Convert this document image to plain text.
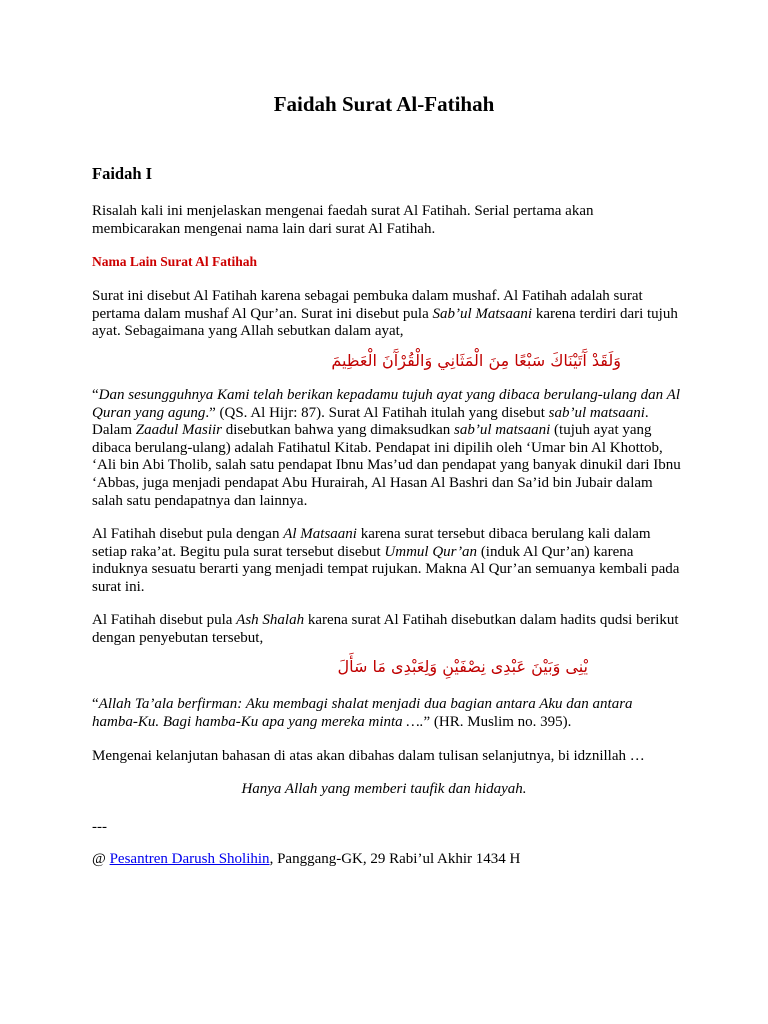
Faidah Surat Al-Fatihah
Faidah I

Risalah kali ini menjelaskan mengenai faedah surat Al Fatihah. Serial pertama akan membicarakan mengenai nama lain dari surat Al Fatihah.

Nama Lain Surat Al Fatihah

Surat ini disebut Al Fatihah karena sebagai pembuka dalam mushaf. Al Fatihah adalah surat pertama dalam mushaf Al Qur’an. Surat ini disebut pula Sab’ul Matsaani karena terdiri dari tujuh ayat. Sebagaimana yang Allah sebutkan dalam ayat,

وَلَقَدْ آَتَيْنَاكَ سَبْعًا مِنَ الْمَثَانِي وَالْقُرْآَنَ الْعَظِيمَ

“Dan sesungguhnya Kami telah berikan kepadamu tujuh ayat yang dibaca berulang-ulang dan Al Quran yang agung.” (QS. Al Hijr: 87). Surat Al Fatihah itulah yang disebut sab’ul matsaani. Dalam Zaadul Masiir disebutkan bahwa yang dimaksudkan sab’ul matsaani (tujuh ayat yang dibaca berulang-ulang) adalah Fatihatul Kitab. Pendapat ini dipilih oleh ‘Umar bin Al Khottob, ‘Ali bin Abi Tholib, salah satu pendapat Ibnu Mas’ud dan pendapat yang banyak dinukil dari Ibnu ‘Abbas, juga menjadi pendapat Abu Hurairah, Al Hasan Al Bashri dan Sa’id bin Jubair dalam salah satu pendapatnya dan lainnya.

Al Fatihah disebut pula dengan Al Matsaani karena surat tersebut dibaca berulang kali dalam setiap raka’at. Begitu pula surat tersebut disebut Ummul Qur’an (induk Al Qur’an) karena induknya sesuatu berarti yang menjadi tempat rujukan. Makna Al Qur’an semuanya kembali pada surat ini.

Al Fatihah disebut pula Ash Shalah karena surat Al Fatihah disebutkan dalam hadits qudsi berikut dengan penyebutan tersebut,

يْنِى وَبَيْنَ عَبْدِى نِصْفَيْنِ وَلِعَبْدِى مَا سَأَلَ

“Allah Ta’ala berfirman: Aku membagi shalat menjadi dua bagian antara Aku dan antara hamba-Ku. Bagi hamba-Ku apa yang mereka minta ….” (HR. Muslim no. 395).

Mengenai kelanjutan bahasan di atas akan dibahas dalam tulisan selanjutnya, bi idznillah …

Hanya Allah yang memberi taufik dan hidayah.
---
@ Pesantren Darush Sholihin, Panggang-GK, 29 Rabi’ul Akhir 1434 H
